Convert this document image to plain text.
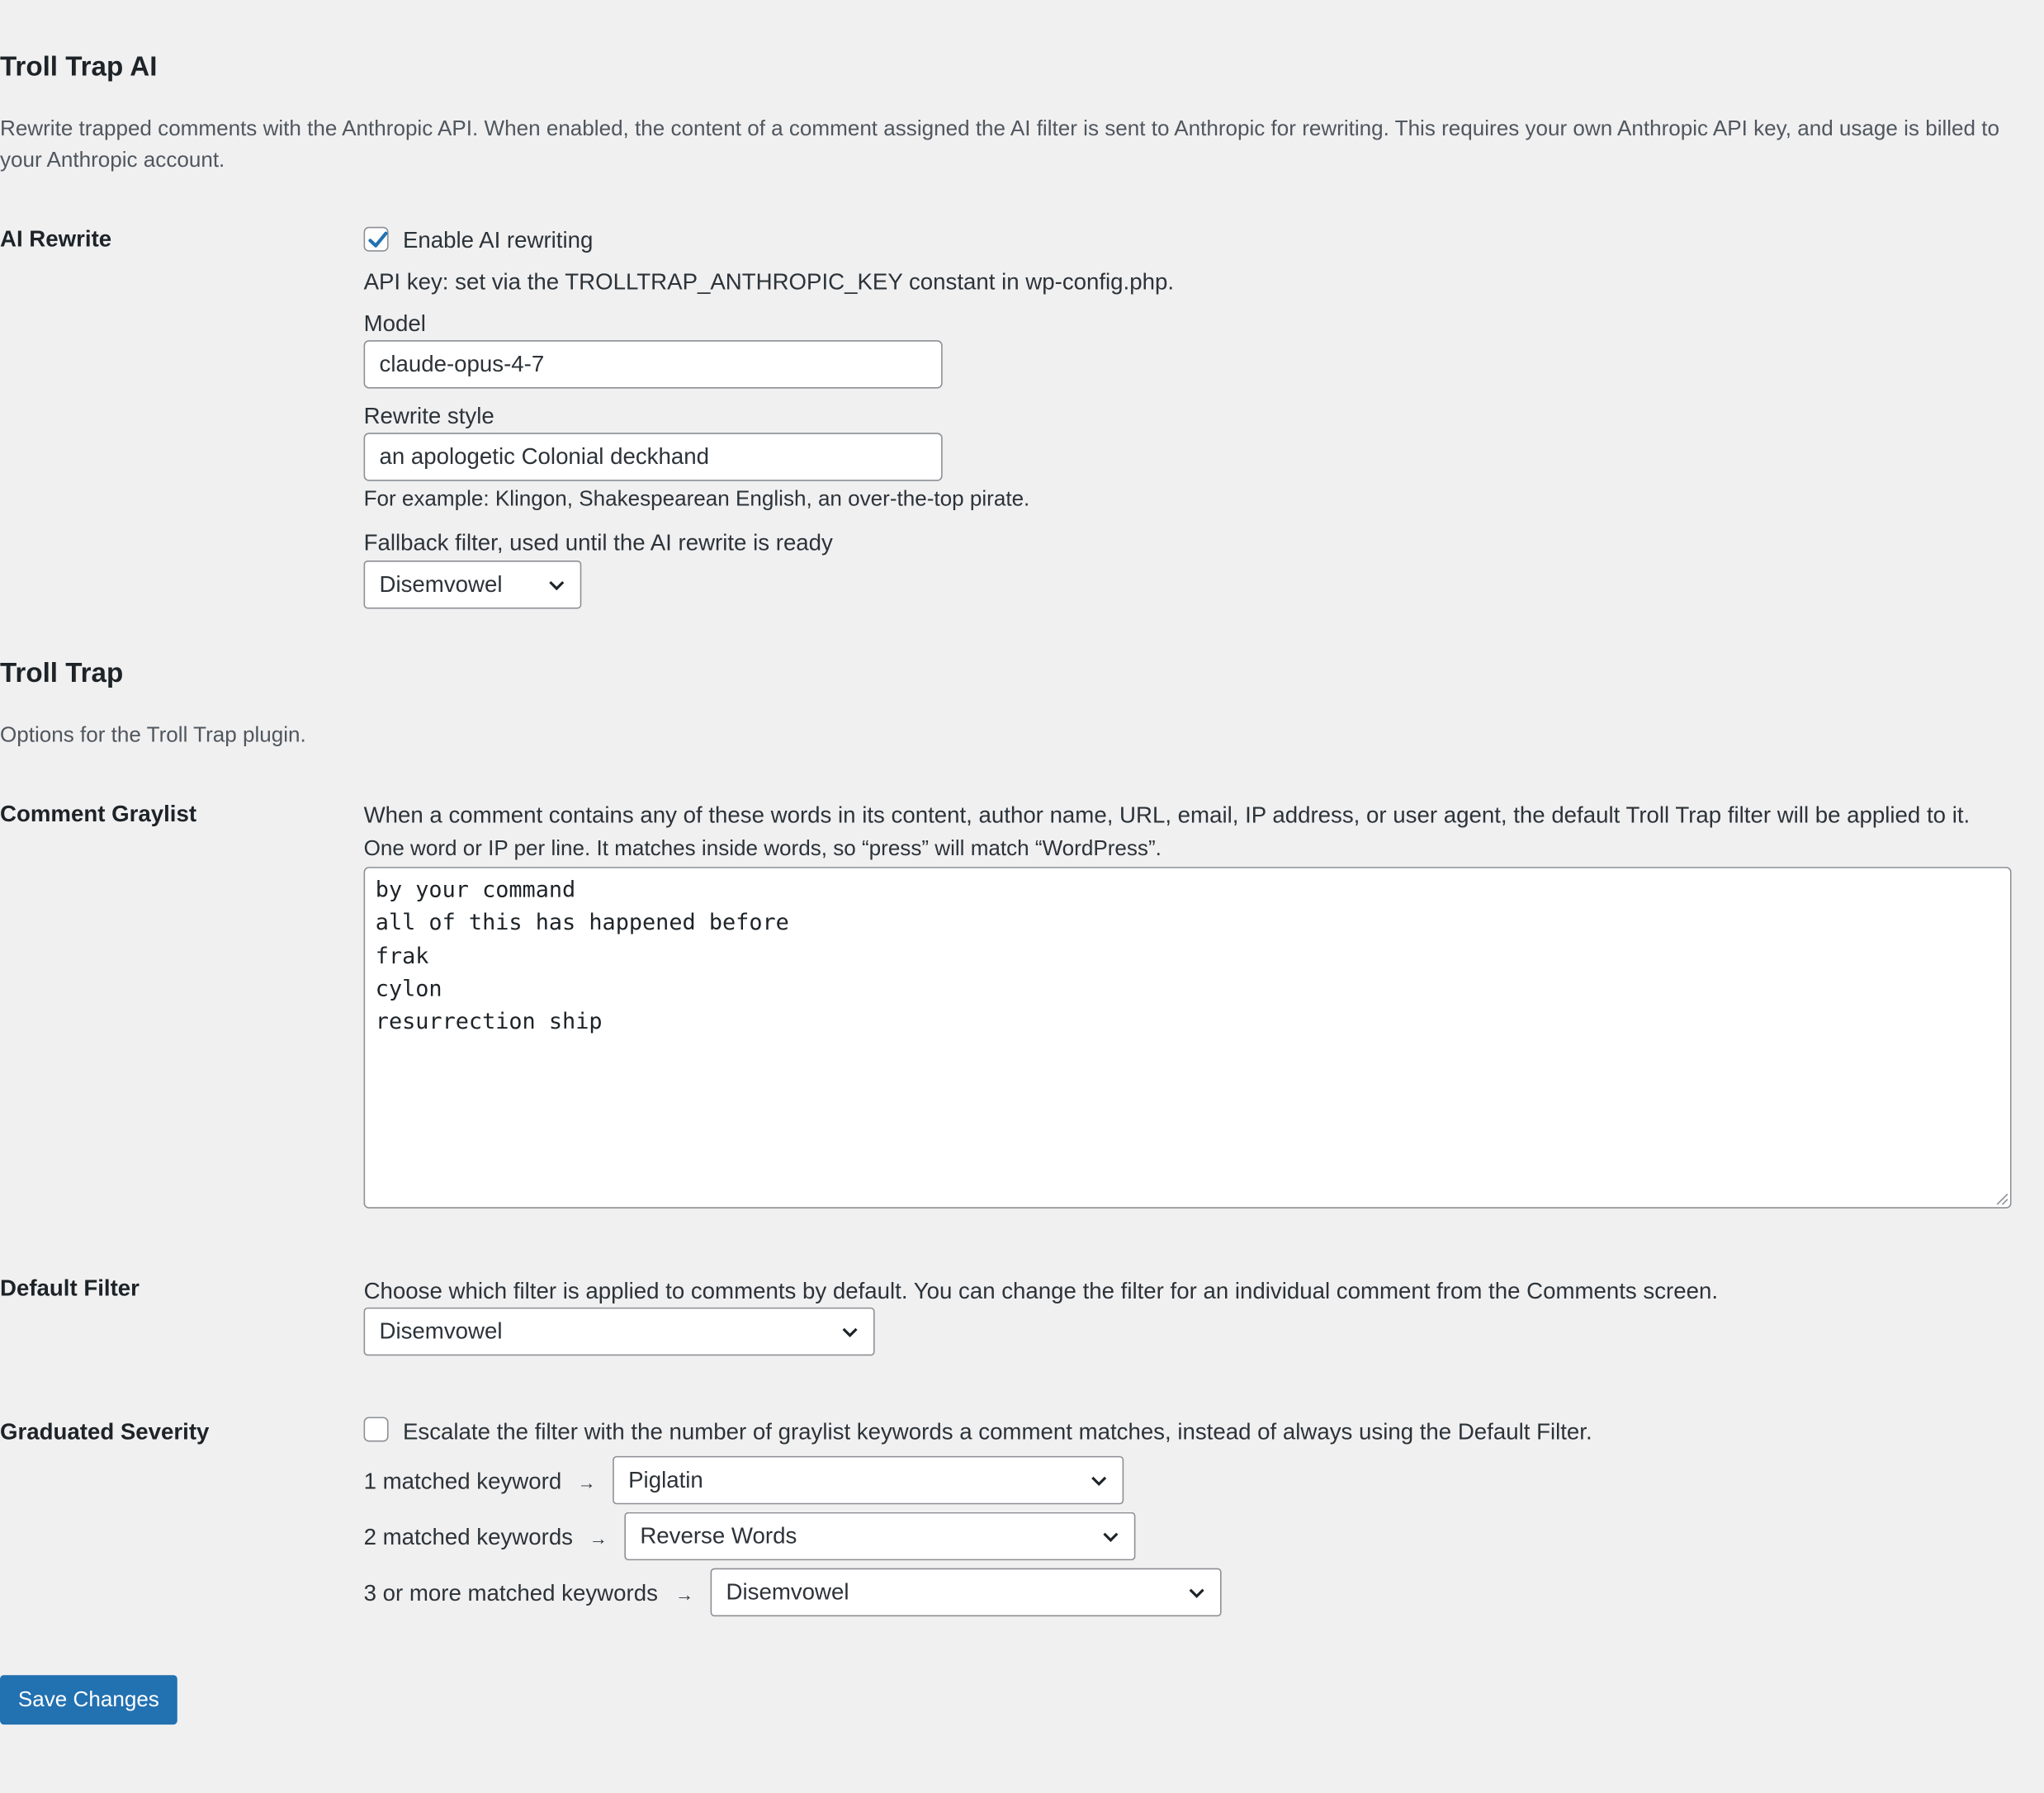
Troll Trap AI
Rewrite trapped comments with the Anthropic API. When enabled, the content of a comment assigned the AI filter is sent to Anthropic for rewriting. This requires your own Anthropic API key, and usage is billed to your Anthropic account.
AI Rewrite	Enable AI rewriting
API key: set via the TROLLTRAP_ANTHROPIC_KEY constant in wp-config.php.
Model
claude-opus-4-7
Rewrite style
an apologetic Colonial deckhand
For example: Klingon, Shakespearean English, an over-the-top pirate.
Fallback filter, used until the AI rewrite is ready
Disemvowel
Troll Trap
Options for the Troll Trap plugin.
Comment Graylist	When a comment contains any of these words in its content, author name, URL, email, IP address, or user agent, the default Troll Trap filter will be applied to it.
One word or IP per line. It matches inside words, so “press” will match “WordPress”.
by your command
all of this has happened before
frak
cylon
resurrection ship
Default Filter	Choose which filter is applied to comments by default. You can change the filter for an individual comment from the Comments screen.
Disemvowel
Graduated Severity	Escalate the filter with the number of graylist keywords a comment matches, instead of always using the Default Filter.
1 matched keyword →	Piglatin
2 matched keywords →	Reverse Words
3 or more matched keywords →	Disemvowel
Save Changes
